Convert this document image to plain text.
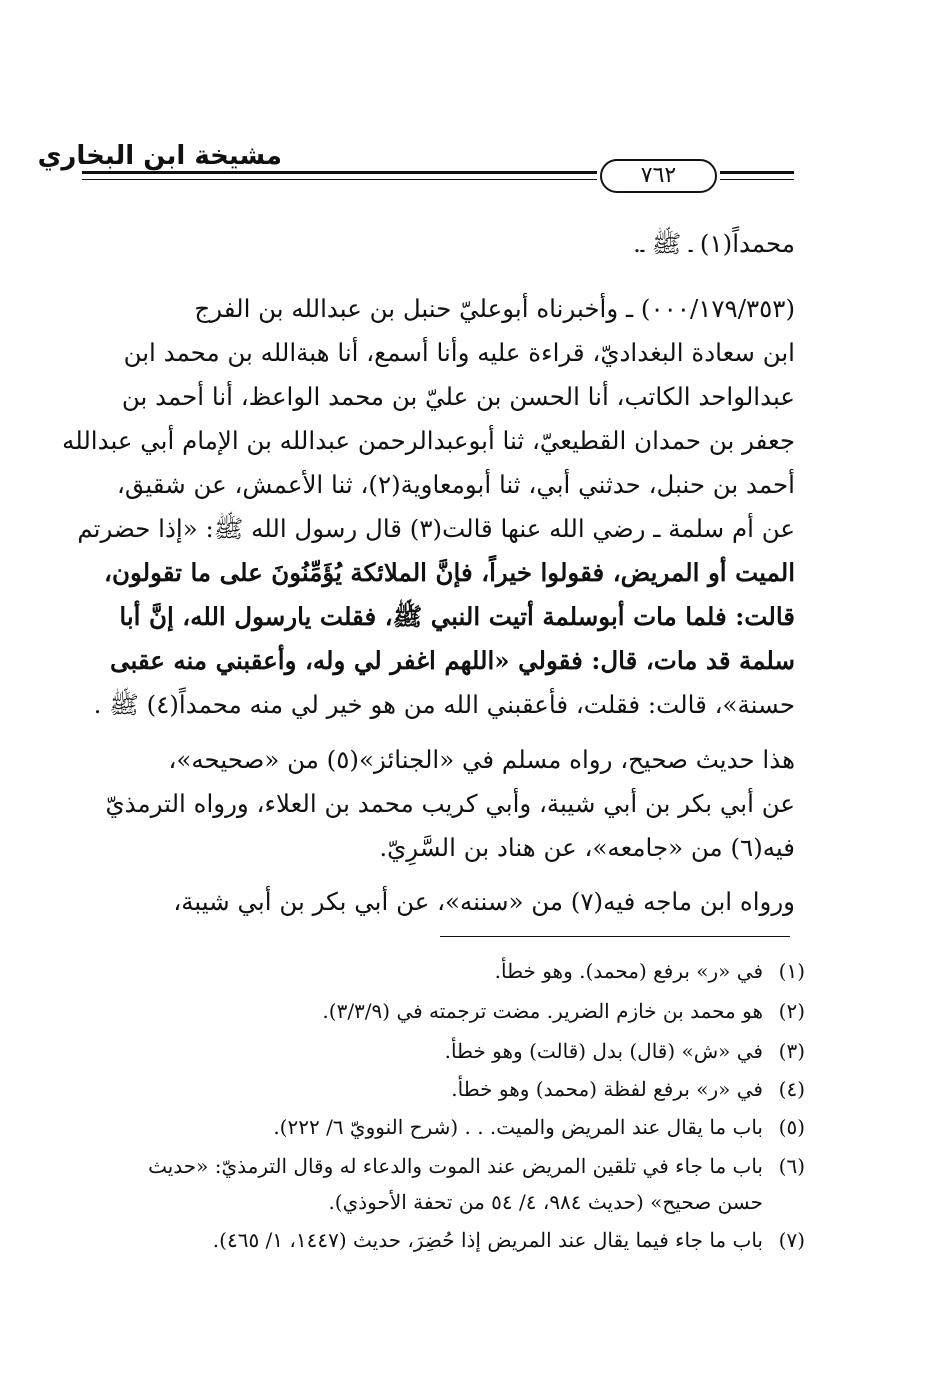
مشيخة ابن البخاري
٧٦٢
محمداً(١) ـ ﷺ ـ.
(٠٠٠/١٧٩/٣٥٣) ـ وأخبرناه أبوعليّ حنبل بن عبدالله بن الفرج
ابن سعادة البغداديّ، قراءة عليه وأنا أسمع، أنا هبةالله بن محمد ابن
عبدالواحد الكاتب، أنا الحسن بن عليّ بن محمد الواعظ، أنا أحمد بن
جعفر بن حمدان القطيعيّ، ثنا أبوعبدالرحمن عبدالله بن الإمام أبي عبدالله
أحمد بن حنبل، حدثني أبي، ثنا أبومعاوية(٢)، ثنا الأعمش، عن شقيق،
عن أم سلمة ـ رضي الله عنها قالت(٣) قال رسول الله ﷺ: «إذا حضرتم
الميت أو المريض، فقولوا خيراً، فإنَّ الملائكة يُؤَمِّنُونَ على ما تقولون،
قالت: فلما مات أبوسلمة أتيت النبي ﷺ، فقلت يارسول الله، إنَّ أبا
سلمة قد مات، قال: فقولي «اللهم اغفر لي وله، وأعقبني منه عقبى
حسنة»، قالت: فقلت، فأعقبني الله من هو خير لي منه محمداً(٤) ﷺ .
هذا حديث صحيح، رواه مسلم في «الجنائز»(٥) من «صحيحه»،
عن أبي بكر بن أبي شيبة، وأبي كريب محمد بن العلاء، ورواه الترمذيّ
فيه(٦) من «جامعه»، عن هناد بن السَّرِيّ.
ورواه ابن ماجه فيه(٧) من «سننه»، عن أبي بكر بن أبي شيبة،
(١)في «ر» برفع (محمد). وهو خطأ.
(٢)هو محمد بن خازم الضرير. مضت ترجمته في (٣/٣/٩).
(٣)في «ش» (قال) بدل (قالت) وهو خطأ.
(٤)في «ر» برفع لفظة (محمد) وهو خطأ.
(٥)باب ما يقال عند المريض والميت. . . (شرح النوويّ ٦/ ٢٢٢).
(٦)باب ما جاء في تلقين المريض عند الموت والدعاء له وقال الترمذيّ: «حديث
حسن صحيح» (حديث ٩٨٤، ٤/ ٥٤ من تحفة الأحوذي).
(٧)باب ما جاء فيما يقال عند المريض إذا حُضِرَ، حديث (١٤٤٧، ١/ ٤٦٥).
